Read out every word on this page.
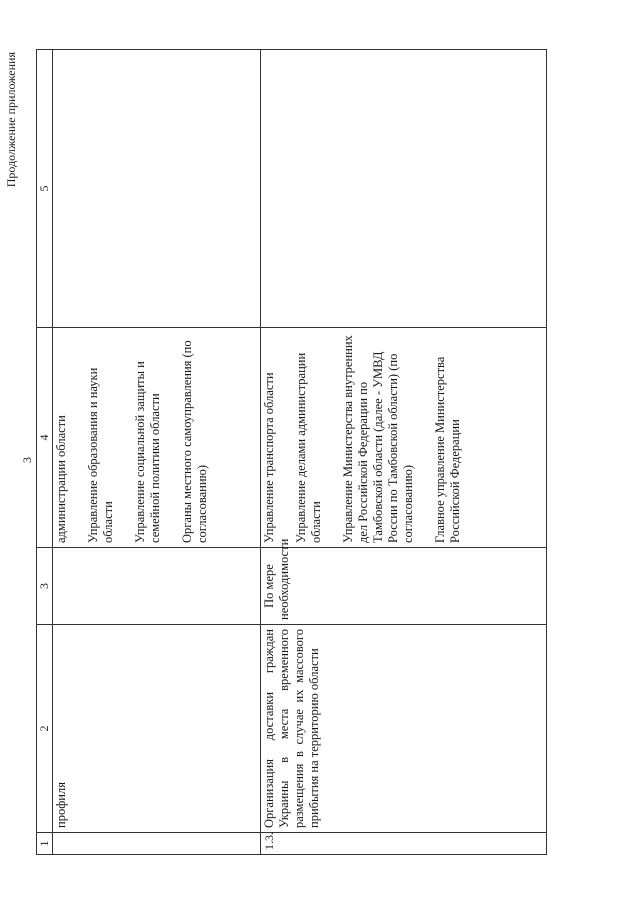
3
Продолжение приложения
1	2	3	4	5
	профиля		администрации области Управление образования и науки области Управление социальной защиты и семейной политики области Органы местного самоуправления (по согласованию)	

1.3.	Организация доставки граждан Украины в места временного размещения в случае их массового прибытия на территорию области	По мере необходимости	Управление транспорта области Управление делами администрации области Управление Министерства внутренних дел Российской Федерации по Тамбовской области (далее - УМВД России по Тамбовской области) (по согласованию) Главное управление Министерства Российской Федерации	
